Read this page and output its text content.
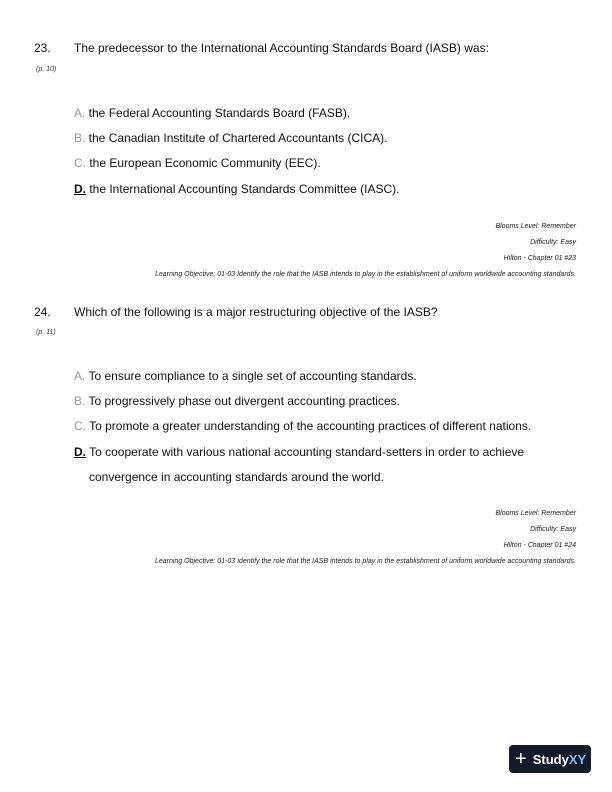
23. The predecessor to the International Accounting Standards Board (IASB) was:
(p. 10)
A. the Federal Accounting Standards Board (FASB).
B. the Canadian Institute of Chartered Accountants (CICA).
C. the European Economic Community (EEC).
D. the International Accounting Standards Committee (IASC).
Blooms Level: Remember
Difficulty: Easy
Hilton - Chapter 01 #23
Learning Objective: 01-03 Identify the role that the IASB intends to play in the establishment of uniform worldwide accounting standards.
24. Which of the following is a major restructuring objective of the IASB?
(p. 11)
A. To ensure compliance to a single set of accounting standards.
B. To progressively phase out divergent accounting practices.
C. To promote a greater understanding of the accounting practices of different nations.
D. To cooperate with various national accounting standard-setters in order to achieve
convergence in accounting standards around the world.
Blooms Level: Remember
Difficulty: Easy
Hilton - Chapter 01 #24
Learning Objective: 01-03 Identify the role that the IASB intends to play in the establishment of uniform worldwide accounting standards.
+ StudyXY
